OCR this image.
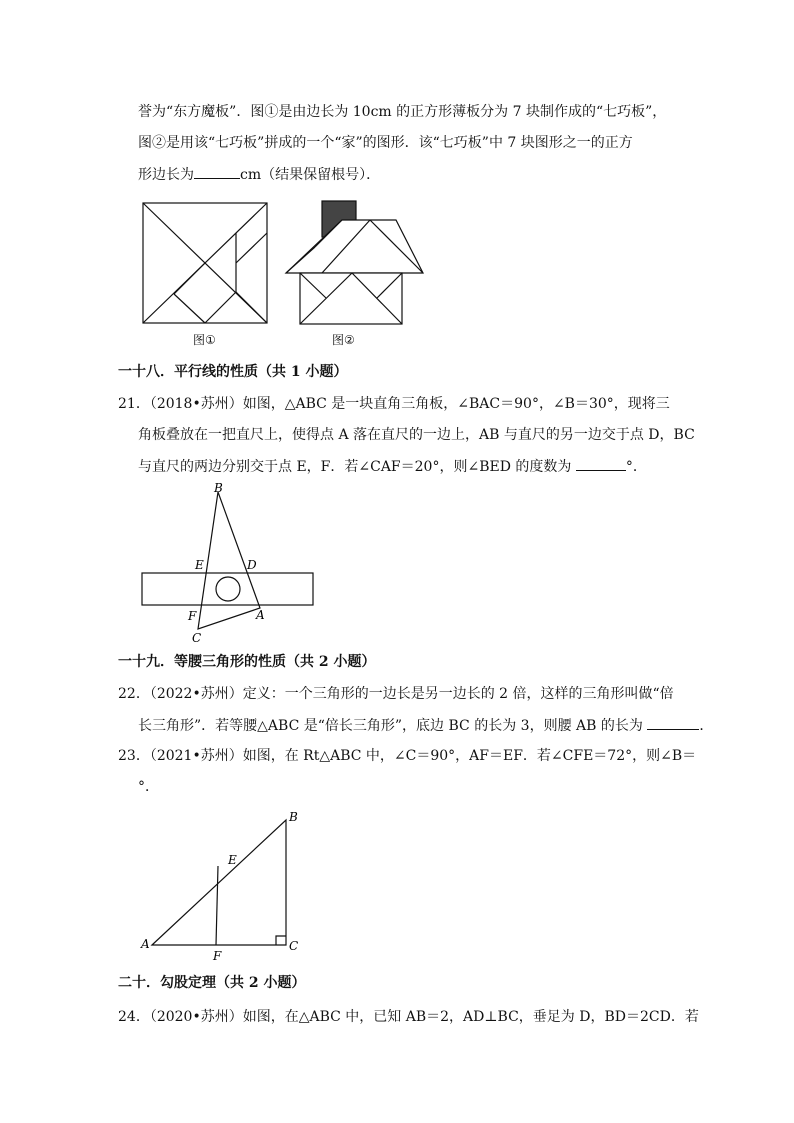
誉为“东方魔板”．图①是由边长为 10cm 的正方形薄板分为 7 块制作成的“七巧板”，
图②是用该“七巧板”拼成的一个“家”的图形．该“七巧板”中 7 块图形之一的正方
形边长为	cm（结果保留根号）．
图①	图②
一十八．平行线的性质（共 1 小题）
21．（2018•苏州）如图，△ABC 是一块直角三角板，∠BAC＝90°，∠B＝30°，现将三
角板叠放在一把直尺上，使得点 A 落在直尺的一边上，AB 与直尺的另一边交于点 D，BC
与直尺的两边分别交于点 E，F．若∠CAF＝20°，则∠BED 的度数为	°．
B
E	D
F	A
C
一十九．等腰三角形的性质（共 2 小题）
22．（2022•苏州）定义：一个三角形的一边长是另一边长的 2 倍，这样的三角形叫做“倍
长三角形”．若等腰△ABC 是“倍长三角形”，底边 BC 的长为 3，则腰 AB 的长为	．
23．（2021•苏州）如图，在 Rt△ABC 中，∠C＝90°，AF＝EF．若∠CFE＝72°，则∠B＝
°．
B
E
A
F
C
二十．勾股定理（共 2 小题）
24．（2020•苏州）如图，在△ABC 中，已知 AB＝2，AD⊥BC，垂足为 D，BD＝2CD．若
